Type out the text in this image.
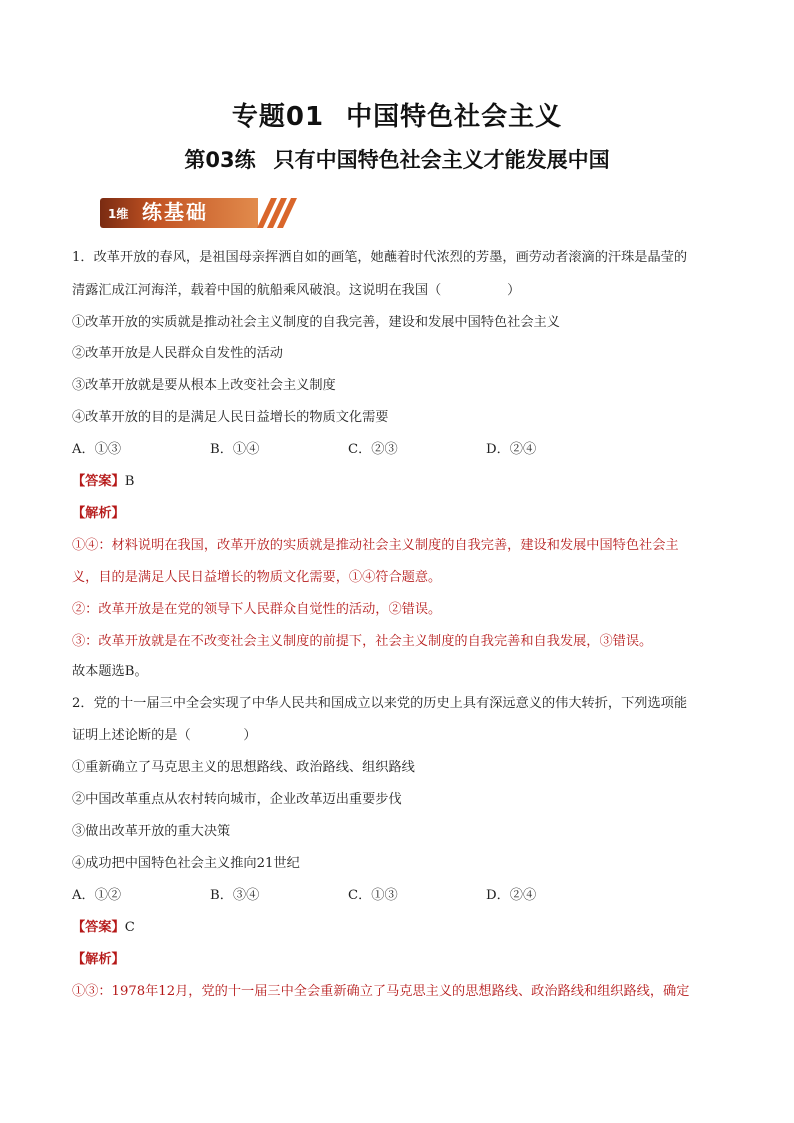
专题01 中国特色社会主义
第03练 只有中国特色社会主义才能发展中国
1维 练基础
1．改革开放的春风，是祖国母亲挥洒自如的画笔，她蘸着时代浓烈的芳墨，画劳动者滚滴的汗珠是晶莹的
清露汇成江河海洋，载着中国的航船乘风破浪。这说明在我国（　　　　　）
①改革开放的实质就是推动社会主义制度的自我完善，建设和发展中国特色社会主义
②改革开放是人民群众自发性的活动
③改革开放就是要从根本上改变社会主义制度
④改革开放的目的是满足人民日益增长的物质文化需要
A．①③	B．①④	C．②③	D．②④
【答案】B
【解析】
①④：材料说明在我国，改革开放的实质就是推动社会主义制度的自我完善，建设和发展中国特色社会主
义，目的是满足人民日益增长的物质文化需要，①④符合题意。
②：改革开放是在党的领导下人民群众自觉性的活动，②错误。
③：改革开放就是在不改变社会主义制度的前提下，社会主义制度的自我完善和自我发展，③错误。
故本题选B。
2．党的十一届三中全会实现了中华人民共和国成立以来党的历史上具有深远意义的伟大转折，下列选项能
证明上述论断的是（　　　　）
①重新确立了马克思主义的思想路线、政治路线、组织路线
②中国改革重点从农村转向城市，企业改革迈出重要步伐
③做出改革开放的重大决策
④成功把中国特色社会主义推向21世纪
A．①②	B．③④	C．①③	D．②④
【答案】C
【解析】
①③：1978年12月，党的十一届三中全会重新确立了马克思主义的思想路线、政治路线和组织路线，确定
